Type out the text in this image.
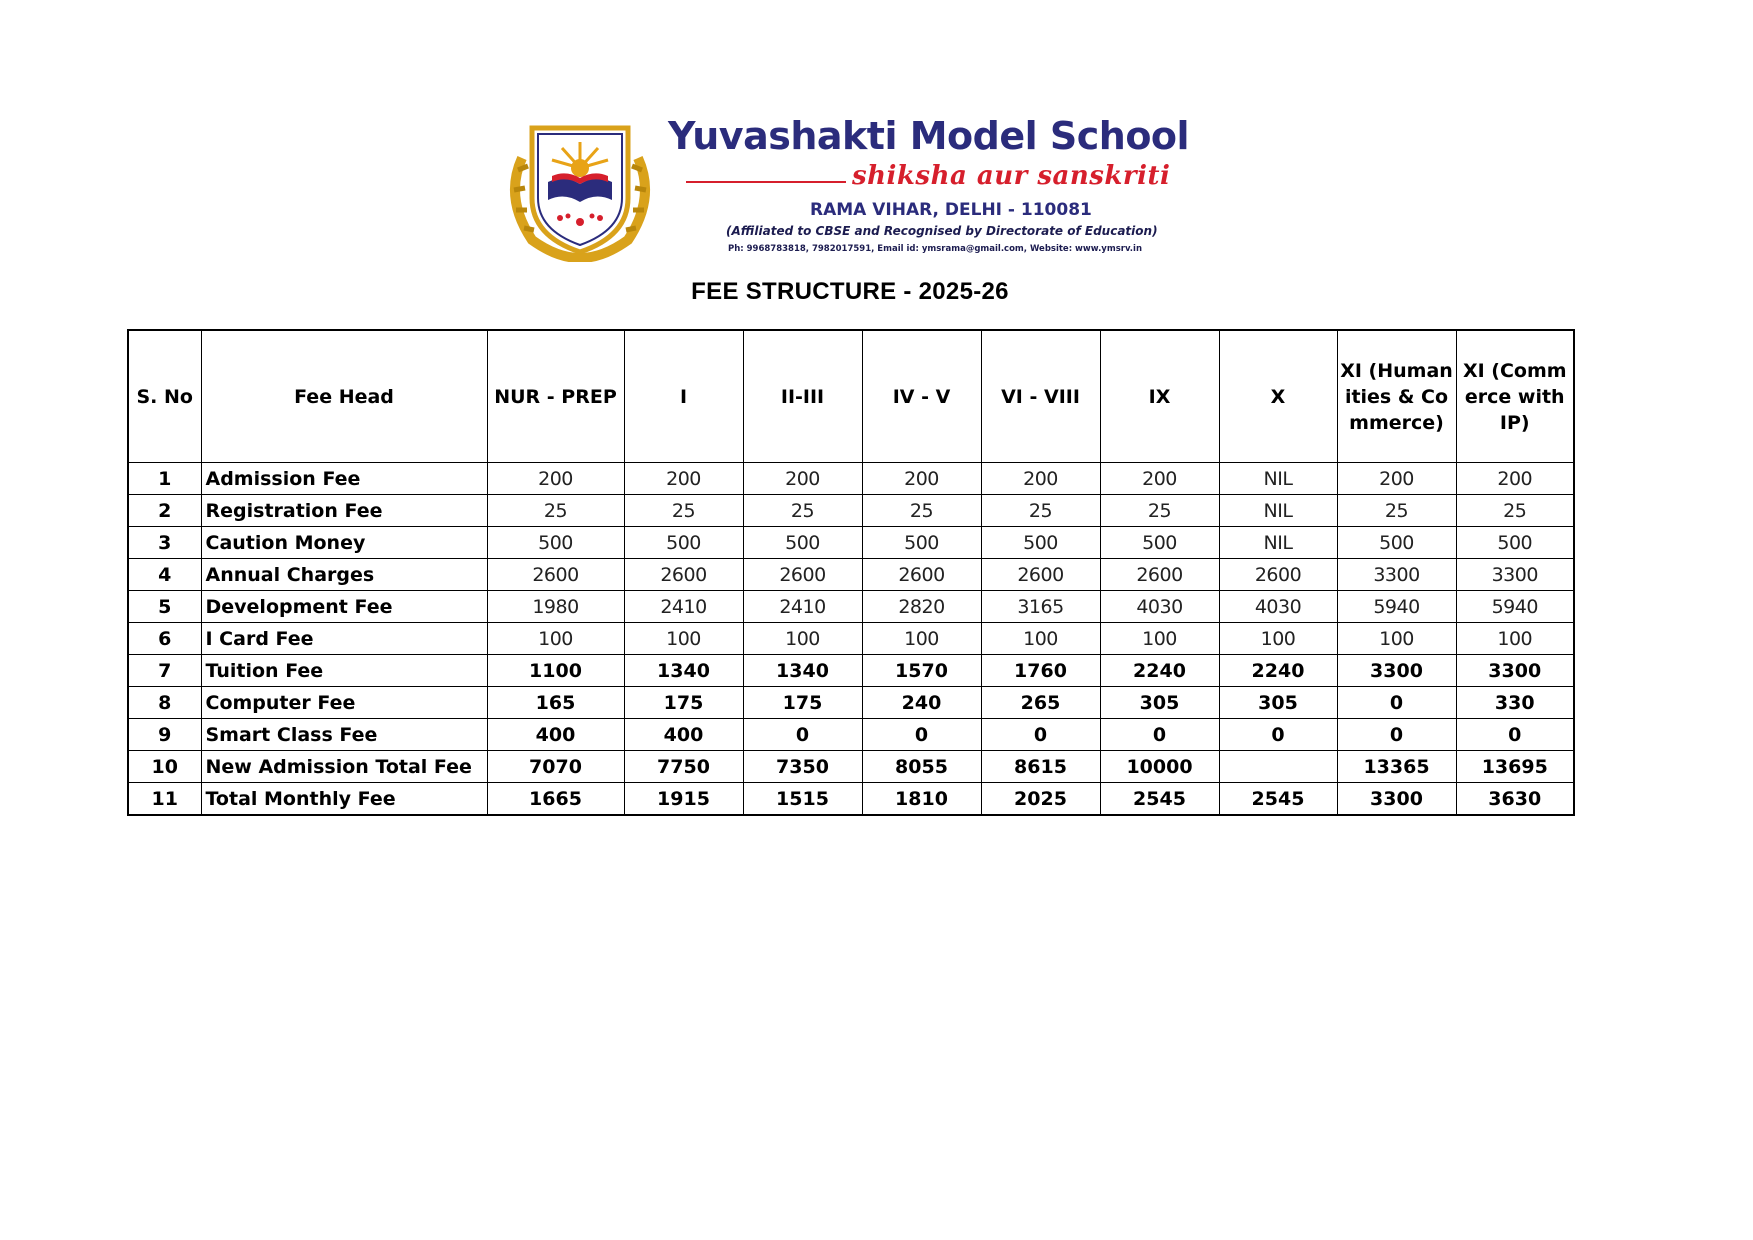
Yuvashakti Model School
shiksha aur sanskriti
RAMA VIHAR, DELHI - 110081
(Affiliated to CBSE and Recognised by Directorate of Education)
Ph: 9968783818, 7982017591, Email id: ymsrama@gmail.com, Website: www.ymsrv.in
FEE STRUCTURE - 2025-26
S. No	Fee Head	NUR - PREP	I	II-III	IV - V	VI - VIII	IX	X	XI (Humanities & Commerce)	XI (Commerce with IP)
1	Admission Fee	200	200	200	200	200	200	NIL	200	200
2	Registration Fee	25	25	25	25	25	25	NIL	25	25
3	Caution Money	500	500	500	500	500	500	NIL	500	500
4	Annual Charges	2600	2600	2600	2600	2600	2600	2600	3300	3300
5	Development Fee	1980	2410	2410	2820	3165	4030	4030	5940	5940
6	I Card Fee	100	100	100	100	100	100	100	100	100
7	Tuition Fee	1100	1340	1340	1570	1760	2240	2240	3300	3300
8	Computer Fee	165	175	175	240	265	305	305	0	330
9	Smart Class Fee	400	400	0	0	0	0	0	0	0
10	New Admission Total Fee	7070	7750	7350	8055	8615	10000		13365	13695
11	Total Monthly Fee	1665	1915	1515	1810	2025	2545	2545	3300	3630
